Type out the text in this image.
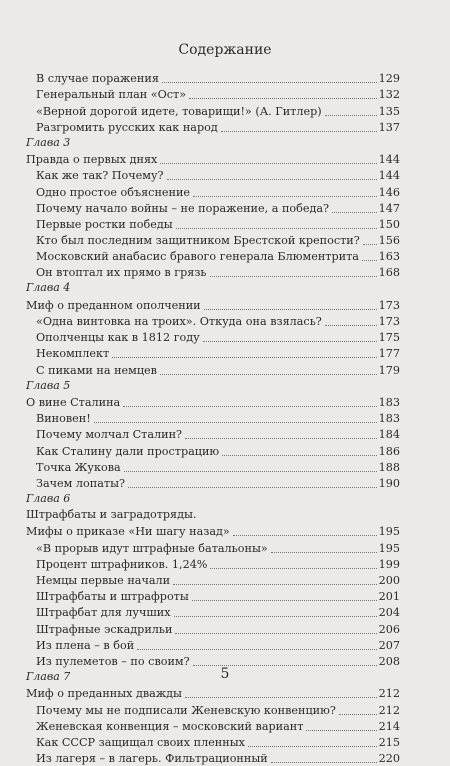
Содержание
В случае поражения	129
Генеральный план «Ост»	132
«Верной дорогой идете, товарищи!» (А. Гитлер)	135
Разгромить русских как народ	137
Глава 3
Правда о первых днях	144
Как же так? Почему?	144
Одно простое объяснение	146
Почему начало войны – не поражение, а победа?	147
Первые ростки победы	150
Кто был последним защитником Брестской крепости? 156
Московский анабасис бравого генерала Блюментрита 163
Он втоптал их прямо в грязь	168
Глава 4
Миф о преданном ополчении	173
«Одна винтовка на троих». Откуда она взялась?	173
Ополченцы как в 1812 году	175
Некомплект	177
С пиками на немцев	179
Глава 5
О вине Сталина	183
Виновен!	183
Почему молчал Сталин?	184
Как Сталину дали прострацию	186
Точка Жукова	188
Зачем лопаты?	190
Глава 6
Штрафбаты и заградотряды.
Мифы о приказе «Ни шагу назад»	195
«В прорыв идут штрафные батальоны»	195
Процент штрафников. 1,24%	199
Немцы первые начали	200
Штрафбаты и штрафроты	201
Штрафбат для лучших	204
Штрафные эскадрильи	206
Из плена – в бой	207
Из пулеметов – по своим?	208
Глава 7
Миф о преданных дважды	212
Почему мы не подписали Женевскую конвенцию?	212
Женевская конвенция – московский вариант	214
Как СССР защищал своих пленных	215
Из лагеря – в лагерь. Фильтрационный	220
5
